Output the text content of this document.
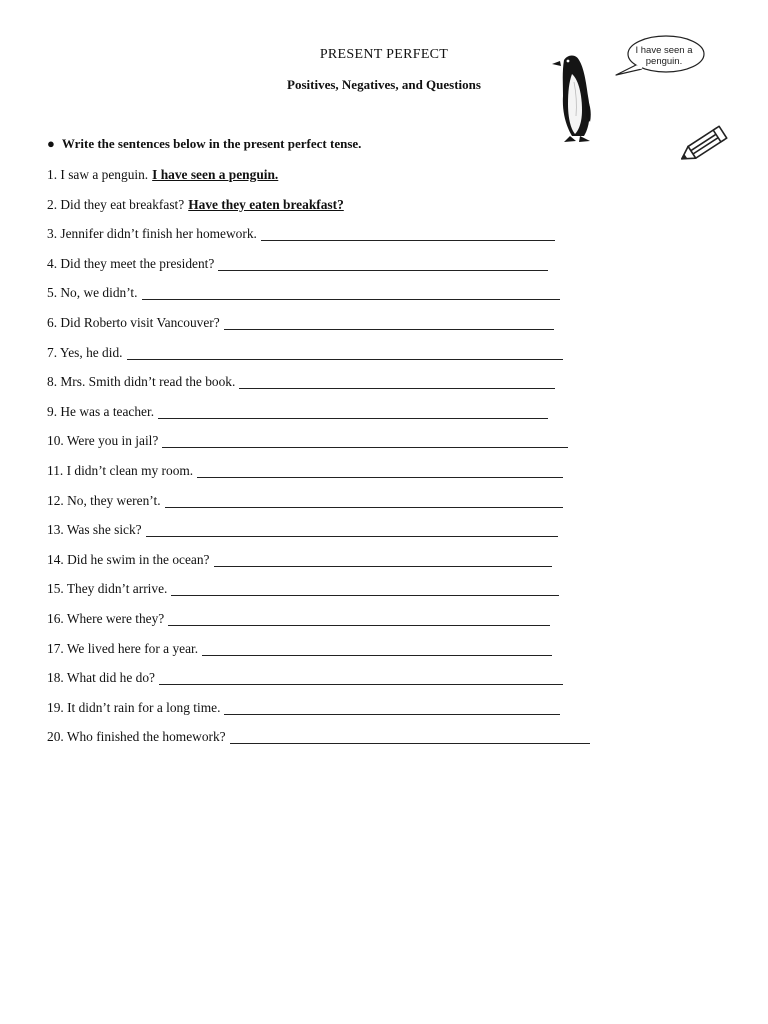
PRESENT PERFECT
Positives, Negatives, and Questions
I have seen a penguin.
● Write the sentences below in the present perfect tense.
1. I saw a penguin. I have seen a penguin.
2. Did they eat breakfast? Have they eaten breakfast?
3. Jennifer didn’t finish her homework.
4. Did they meet the president?
5. No, we didn’t.
6. Did Roberto visit Vancouver?
7. Yes, he did.
8. Mrs. Smith didn’t read the book.
9. He was a teacher.
10. Were you in jail?
11. I didn’t clean my room.
12. No, they weren’t.
13. Was she sick?
14. Did he swim in the ocean?
15. They didn’t arrive.
16. Where were they?
17. We lived here for a year.
18. What did he do?
19. It didn’t rain for a long time.
20. Who finished the homework?
